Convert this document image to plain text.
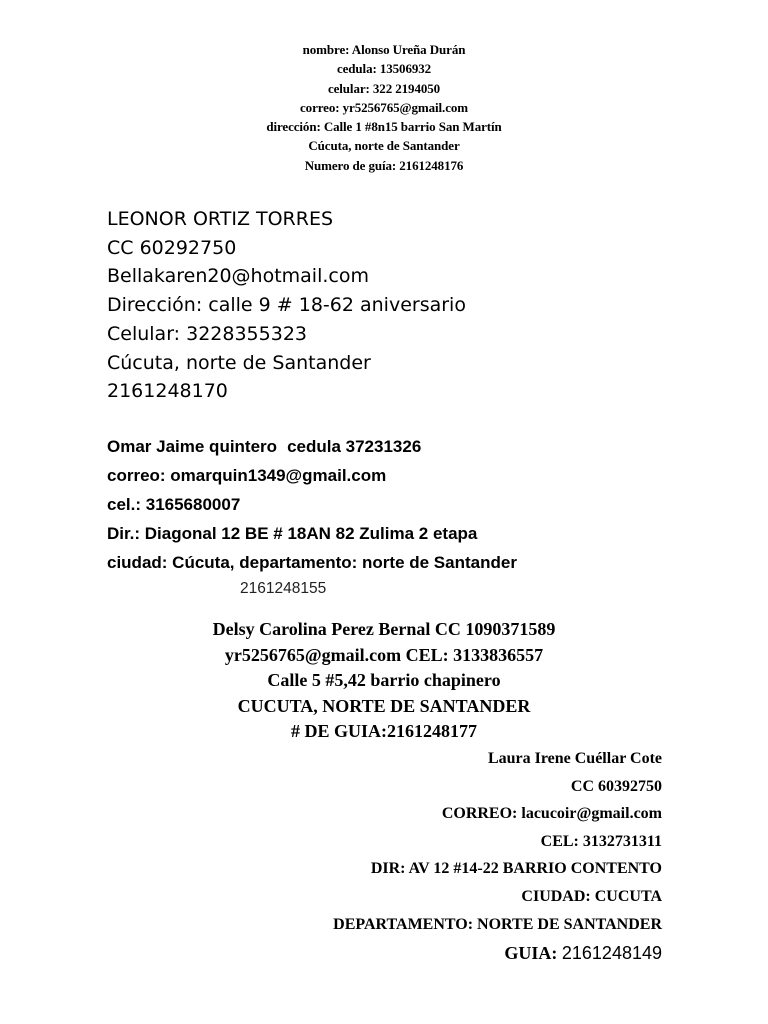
nombre: Alonso Ureña Durán
cedula: 13506932
celular: 322 2194050
correo: yr5256765@gmail.com
dirección: Calle 1 #8n15 barrio San Martín
Cúcuta, norte de Santander
Numero de guía: 2161248176
LEONOR ORTIZ TORRES
CC 60292750
Bellakaren20@hotmail.com
Dirección: calle 9 # 18-62 aniversario
Celular: 3228355323
Cúcuta, norte de Santander
2161248170
Omar Jaime quintero cedula 37231326
correo: omarquin1349@gmail.com
cel.: 3165680007
Dir.: Diagonal 12 BE # 18AN 82 Zulima 2 etapa
ciudad: Cúcuta, departamento: norte de Santander
2161248155
Delsy Carolina Perez Bernal CC 1090371589
yr5256765@gmail.com CEL: 3133836557
Calle 5 #5,42 barrio chapinero
CUCUTA, NORTE DE SANTANDER
# DE GUIA:2161248177
Laura Irene Cuéllar Cote
CC 60392750
CORREO: lacucoir@gmail.com
CEL: 3132731311
DIR: AV 12 #14-22 BARRIO CONTENTO
CIUDAD: CUCUTA
DEPARTAMENTO: NORTE DE SANTANDER
GUIA: 2161248149
